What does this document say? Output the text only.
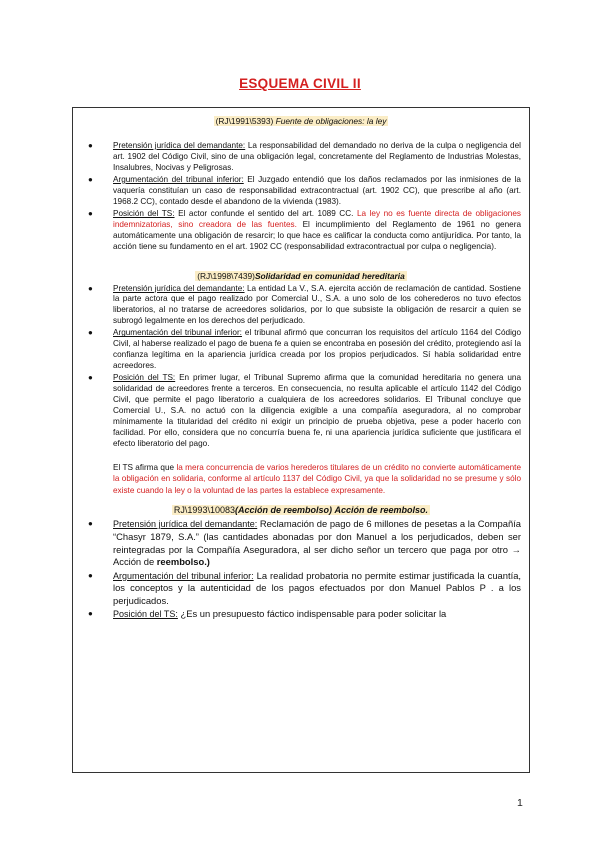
ESQUEMA CIVIL II

(RJ\1991\5393) Fuente de obligaciones: la ley

● Pretensión jurídica del demandante: La responsabilidad del demandado no deriva de la culpa o negligencia del art. 1902 del Código Civil, sino de una obligación legal, concretamente del Reglamento de Industrias Molestas, Insalubres, Nocivas y Peligrosas.
● Argumentación del tribunal inferior: El Juzgado entendió que los daños reclamados por las inmisiones de la vaquería constituían un caso de responsabilidad extracontractual (art. 1902 CC), que prescribe al año (art. 1968.2 CC), contado desde el abandono de la vivienda (1983).
● Posición del TS: El actor confunde el sentido del art. 1089 CC. La ley no es fuente directa de obligaciones indemnizatorias, sino creadora de las fuentes. El incumplimiento del Reglamento de 1961 no genera automáticamente una obligación de resarcir; lo que hace es calificar la conducta como antijurídica. Por tanto, la acción tiene su fundamento en el art. 1902 CC (responsabilidad extracontractual por culpa o negligencia).

(RJ\1998\7439)Solidaridad en comunidad hereditaria

● Pretensión jurídica del demandante: La entidad La V., S.A. ejercita acción de reclamación de cantidad. Sostiene la parte actora que el pago realizado por Comercial U., S.A. a uno solo de los coherederos no tuvo efectos liberatorios, al no tratarse de acreedores solidarios, por lo que subsiste la obligación de resarcir a quien se subrogó legalmente en los derechos del perjudicado.
● Argumentación del tribunal inferior: el tribunal afirmó que concurran los requisitos del artículo 1164 del Código Civil, al haberse realizado el pago de buena fe a quien se encontraba en posesión del crédito, protegiendo así la confianza legítima en la apariencia jurídica creada por los propios perjudicados. Sí había solidaridad entre acreedores.
● Posición del TS: En primer lugar, el Tribunal Supremo afirma que la comunidad hereditaria no genera una solidaridad de acreedores frente a terceros. En consecuencia, no resulta aplicable el artículo 1142 del Código Civil, que permite el pago liberatorio a cualquiera de los acreedores solidarios. El Tribunal concluye que Comercial U., S.A. no actuó con la diligencia exigible a una compañía aseguradora, al no comprobar mínimamente la titularidad del crédito ni exigir un principio de prueba objetiva, pese a poder hacerlo con facilidad. Por ello, considera que no concurría buena fe, ni una apariencia jurídica suficiente que justificara el efecto liberatorio del pago.

El TS afirma que la mera concurrencia de varios herederos titulares de un crédito no convierte automáticamente la obligación en solidaria, conforme al artículo 1137 del Código Civil, ya que la solidaridad no se presume y sólo existe cuando la ley o la voluntad de las partes la establece expresamente.

RJ\1993\10083(Acción de reembolso) Acción de reembolso.

● Pretensión jurídica del demandante: Reclamación de pago de 6 millones de pesetas a la Compañía “Chasyr 1879, S.A.” (las cantidades abonadas por don Manuel a los perjudicados, deben ser reintegradas por la Compañía Aseguradora, al ser dicho señor un tercero que paga por otro → Acción de reembolso.)
● Argumentación del tribunal inferior: La realidad probatoria no permite estimar justificada la cuantía, los conceptos y la autenticidad de los pagos efectuados por don Manuel Pablos P . a los perjudicados.
● Posición del TS: ¿Es un presupuesto fáctico indispensable para poder solicitar la
1
